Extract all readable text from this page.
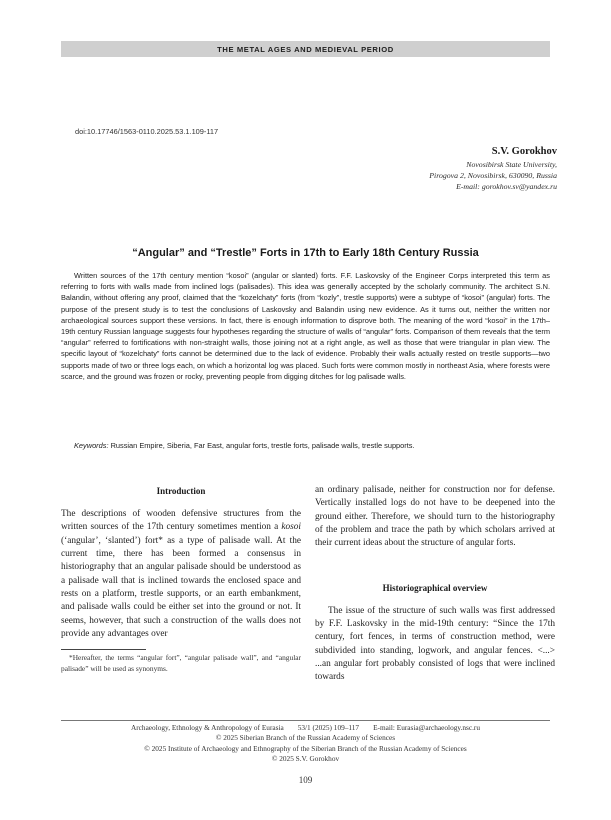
THE METAL AGES AND MEDIEVAL PERIOD
doi:10.17746/1563-0110.2025.53.1.109-117
S.V. Gorokhov
Novosibirsk State University,
Pirogova 2, Novosibirsk, 630090, Russia
E-mail: gorokhov.sv@yandex.ru
“Angular” and “Trestle” Forts in 17th to Early 18th Century Russia

Written sources of the 17th century mention “kosoi” (angular or slanted) forts. F.F. Laskovsky of the Engineer Corps interpreted this term as referring to forts with walls made from inclined logs (palisades). This idea was generally accepted by the scholarly community. The architect S.N. Balandin, without offering any proof, claimed that the “kozelchaty” forts (from “kozly”, trestle supports) were a subtype of “kosoi” (angular) forts. The purpose of the present study is to test the conclusions of Laskovsky and Balandin using new evidence. As it turns out, neither the written nor archaeological sources support these versions. In fact, there is enough information to disprove both. The meaning of the word “kosoi” in the 17th–19th century Russian language suggests four hypotheses regarding the structure of walls of “angular” forts. Comparison of them reveals that the term “angular” referred to fortifications with non-straight walls, those joining not at a right angle, as well as those that were triangular in plan view. The specific layout of “kozelchaty” forts cannot be determined due to the lack of evidence. Probably their walls actually rested on trestle supports—two supports made of two or three logs each, on which a horizontal log was placed. Such forts were common mostly in northeast Asia, where forests were scarce, and the ground was frozen or rocky, preventing people from digging ditches for log palisade walls.

Keywords: Russian Empire, Siberia, Far East, angular forts, trestle forts, palisade walls, trestle supports.
Introduction

The descriptions of wooden defensive structures from the written sources of the 17th century sometimes mention a kosoi (‘angular’, ‘slanted’) fort* as a type of palisade wall. At the current time, there has been formed a consensus in historiography that an angular palisade should be understood as a palisade wall that is inclined towards the enclosed space and rests on a platform, trestle supports, or an earth embankment, and palisade walls could be either set into the ground or not. It seems, however, that such a construction of the walls does not provide any advantages over

*Hereafter, the terms “angular fort”, “angular palisade wall”, and “angular palisade” will be used as synonyms.

an ordinary palisade, neither for construction nor for defense. Vertically installed logs do not have to be deepened into the ground either. Therefore, we should turn to the historiography of the problem and trace the path by which scholars arrived at their current ideas about the structure of angular forts.

Historiographical overview

The issue of the structure of such walls was first addressed by F.F. Laskovsky in the mid-19th century: “Since the 17th century, fort fences, in terms of construction method, were subdivided into standing, logwork, and angular fences. <...> ...an angular fort probably consisted of logs that were inclined towards

Archaeology, Ethnology & Anthropology of Eurasia 53/1 (2025) 109–117 E-mail: Eurasia@archaeology.nsc.ru
© 2025 Siberian Branch of the Russian Academy of Sciences
© 2025 Institute of Archaeology and Ethnography of the Siberian Branch of the Russian Academy of Sciences
© 2025 S.V. Gorokhov
109
